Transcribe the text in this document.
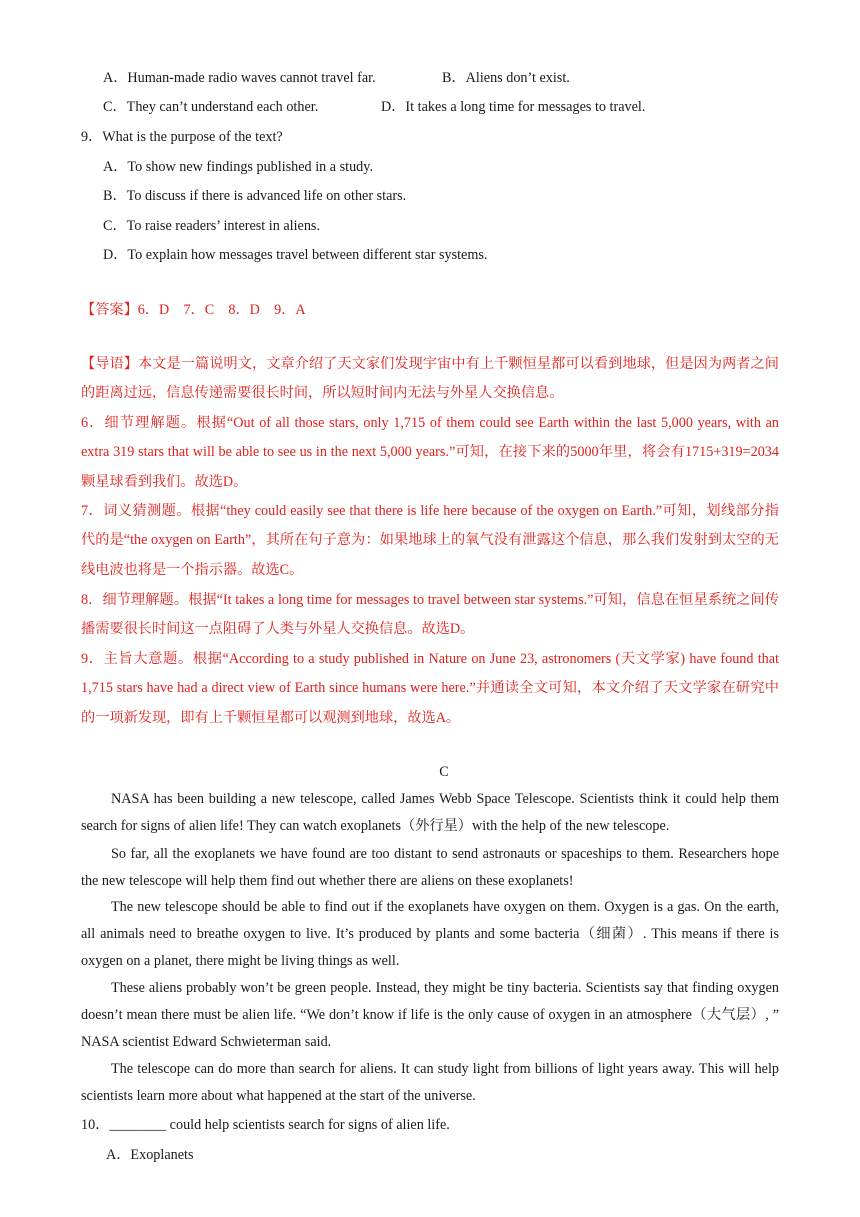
A．Human-made radio waves cannot travel far.	B．Aliens don’t exist.
C．They can’t understand each other.	D．It takes a long time for messages to travel.
9．What is the purpose of the text?
A．To show new findings published in a study.
B．To discuss if there is advanced life on other stars.
C．To raise readers’ interest in aliens.
D．To explain how messages travel between different star systems.
【答案】6．D　7．C　8．D　9．A
【导语】本文是一篇说明文，文章介绍了天文家们发现宇宙中有上千颗恒星都可以看到地球，但是因为两者之间的距离过远，信息传递需要很长时间，所以短时间内无法与外星人交换信息。
6．细节理解题。根据“Out of all those stars, only 1,715 of them could see Earth within the last 5,000 years, with an extra 319 stars that will be able to see us in the next 5,000 years.”可知，在接下来的5000年里，将会有1715+319=2034颗星球看到我们。故选D。
7．词义猜测题。根据“they could easily see that there is life here because of the oxygen on Earth.”可知，划线部分指代的是“the oxygen on Earth”，其所在句子意为：如果地球上的氧气没有泄露这个信息，那么我们发射到太空的无线电波也将是一个指示器。故选C。
8．细节理解题。根据“It takes a long time for messages to travel between star systems.”可知，信息在恒星系统之间传播需要很长时间这一点阻碍了人类与外星人交换信息。故选D。
9．主旨大意题。根据“According to a study published in Nature on June 23, astronomers (天文学家) have found that 1,715 stars have had a direct view of Earth since humans were here.”并通读全文可知，本文介绍了天文学家在研究中的一项新发现，即有上千颗恒星都可以观测到地球，故选A。
C
NASA has been building a new telescope, called James Webb Space Telescope. Scientists think it could help them search for signs of alien life! They can watch exoplanets（外行星）with the help of the new telescope.
So far, all the exoplanets we have found are too distant to send astronauts or spaceships to them. Researchers hope the new telescope will help them find out whether there are aliens on these exoplanets!
The new telescope should be able to find out if the exoplanets have oxygen on them. Oxygen is a gas. On the earth, all animals need to breathe oxygen to live. It’s produced by plants and some bacteria（细菌）. This means if there is oxygen on a planet, there might be living things as well.
These aliens probably won’t be green people. Instead, they might be tiny bacteria. Scientists say that finding oxygen doesn’t mean there must be alien life. “We don’t know if life is the only cause of oxygen in an atmosphere（大气层）, ” NASA scientist Edward Schwieterman said.
The telescope can do more than search for aliens. It can study light from billions of light years away. This will help scientists learn more about what happened at the start of the universe.
10．________ could help scientists search for signs of alien life.
A．Exoplanets
